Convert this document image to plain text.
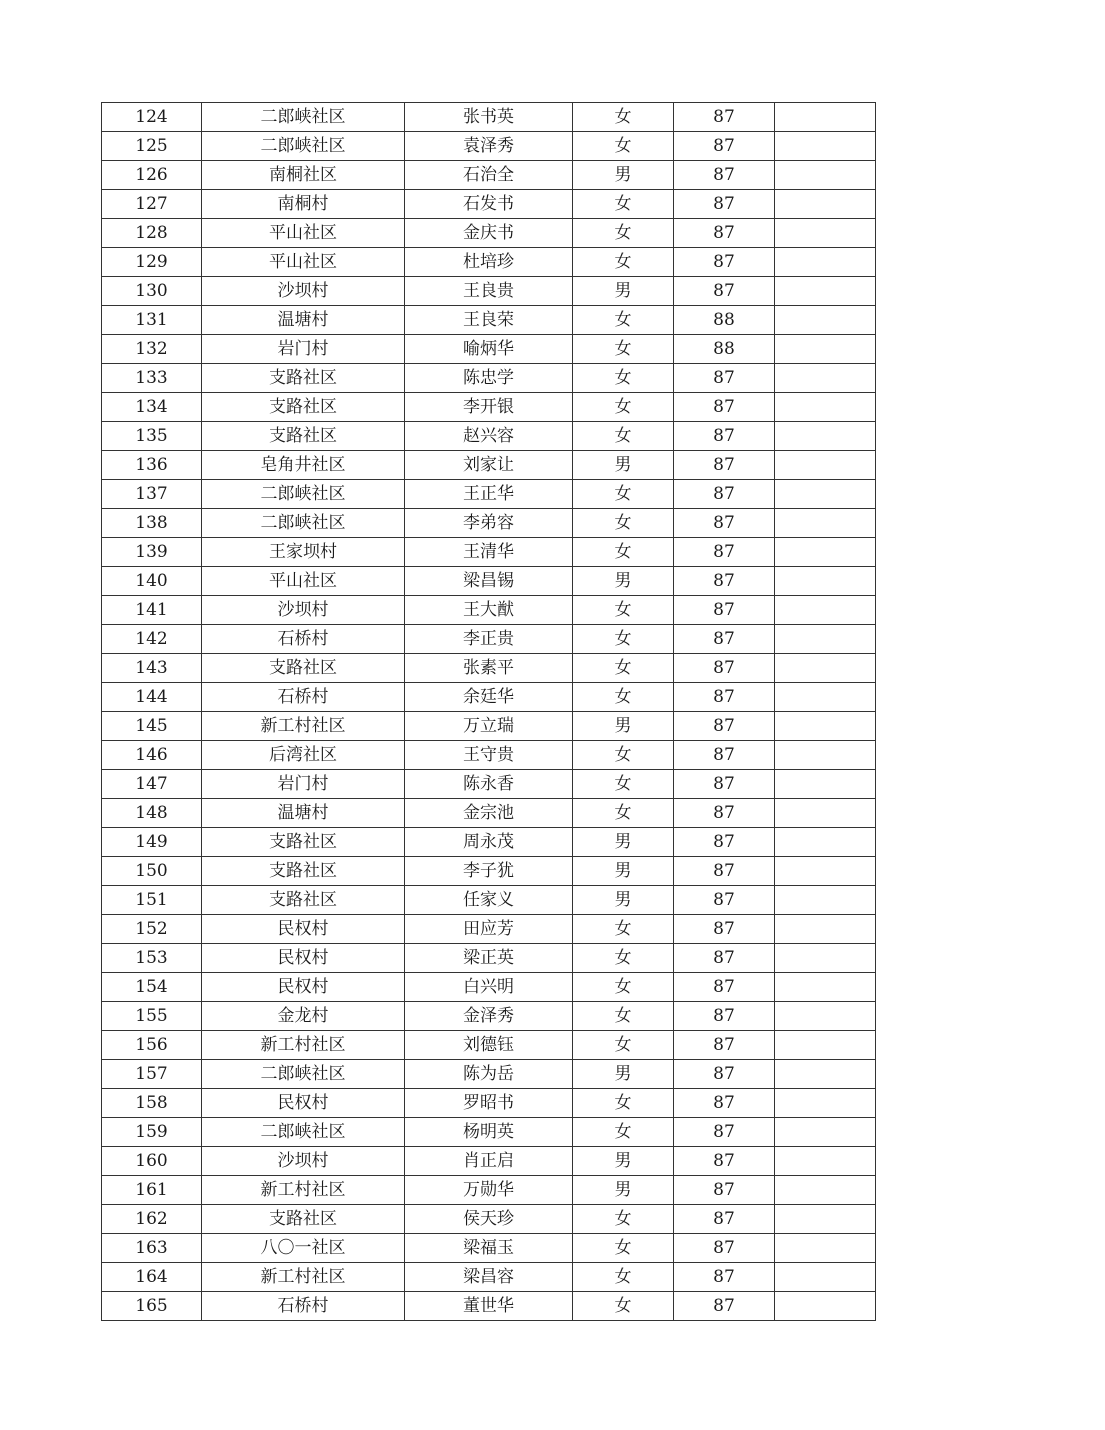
124	二郎峡社区	张书英	女	87	
125	二郎峡社区	袁泽秀	女	87	
126	南桐社区	石治全	男	87	
127	南桐村	石发书	女	87	
128	平山社区	金庆书	女	87	
129	平山社区	杜培珍	女	87	
130	沙坝村	王良贵	男	87	
131	温塘村	王良荣	女	88	
132	岩门村	喻炳华	女	88	
133	支路社区	陈忠学	女	87	
134	支路社区	李开银	女	87	
135	支路社区	赵兴容	女	87	
136	皂角井社区	刘家让	男	87	
137	二郎峡社区	王正华	女	87	
138	二郎峡社区	李弟容	女	87	
139	王家坝村	王清华	女	87	
140	平山社区	梁昌锡	男	87	
141	沙坝村	王大猷	女	87	
142	石桥村	李正贵	女	87	
143	支路社区	张素平	女	87	
144	石桥村	余廷华	女	87	
145	新工村社区	万立瑞	男	87	
146	后湾社区	王守贵	女	87	
147	岩门村	陈永香	女	87	
148	温塘村	金宗池	女	87	
149	支路社区	周永茂	男	87	
150	支路社区	李子犹	男	87	
151	支路社区	任家义	男	87	
152	民权村	田应芳	女	87	
153	民权村	梁正英	女	87	
154	民权村	白兴明	女	87	
155	金龙村	金泽秀	女	87	
156	新工村社区	刘德钰	女	87	
157	二郎峡社区	陈为岳	男	87	
158	民权村	罗昭书	女	87	
159	二郎峡社区	杨明英	女	87	
160	沙坝村	肖正启	男	87	
161	新工村社区	万勋华	男	87	
162	支路社区	侯天珍	女	87	
163	八〇一社区	梁福玉	女	87	
164	新工村社区	梁昌容	女	87	
165	石桥村	董世华	女	87	
